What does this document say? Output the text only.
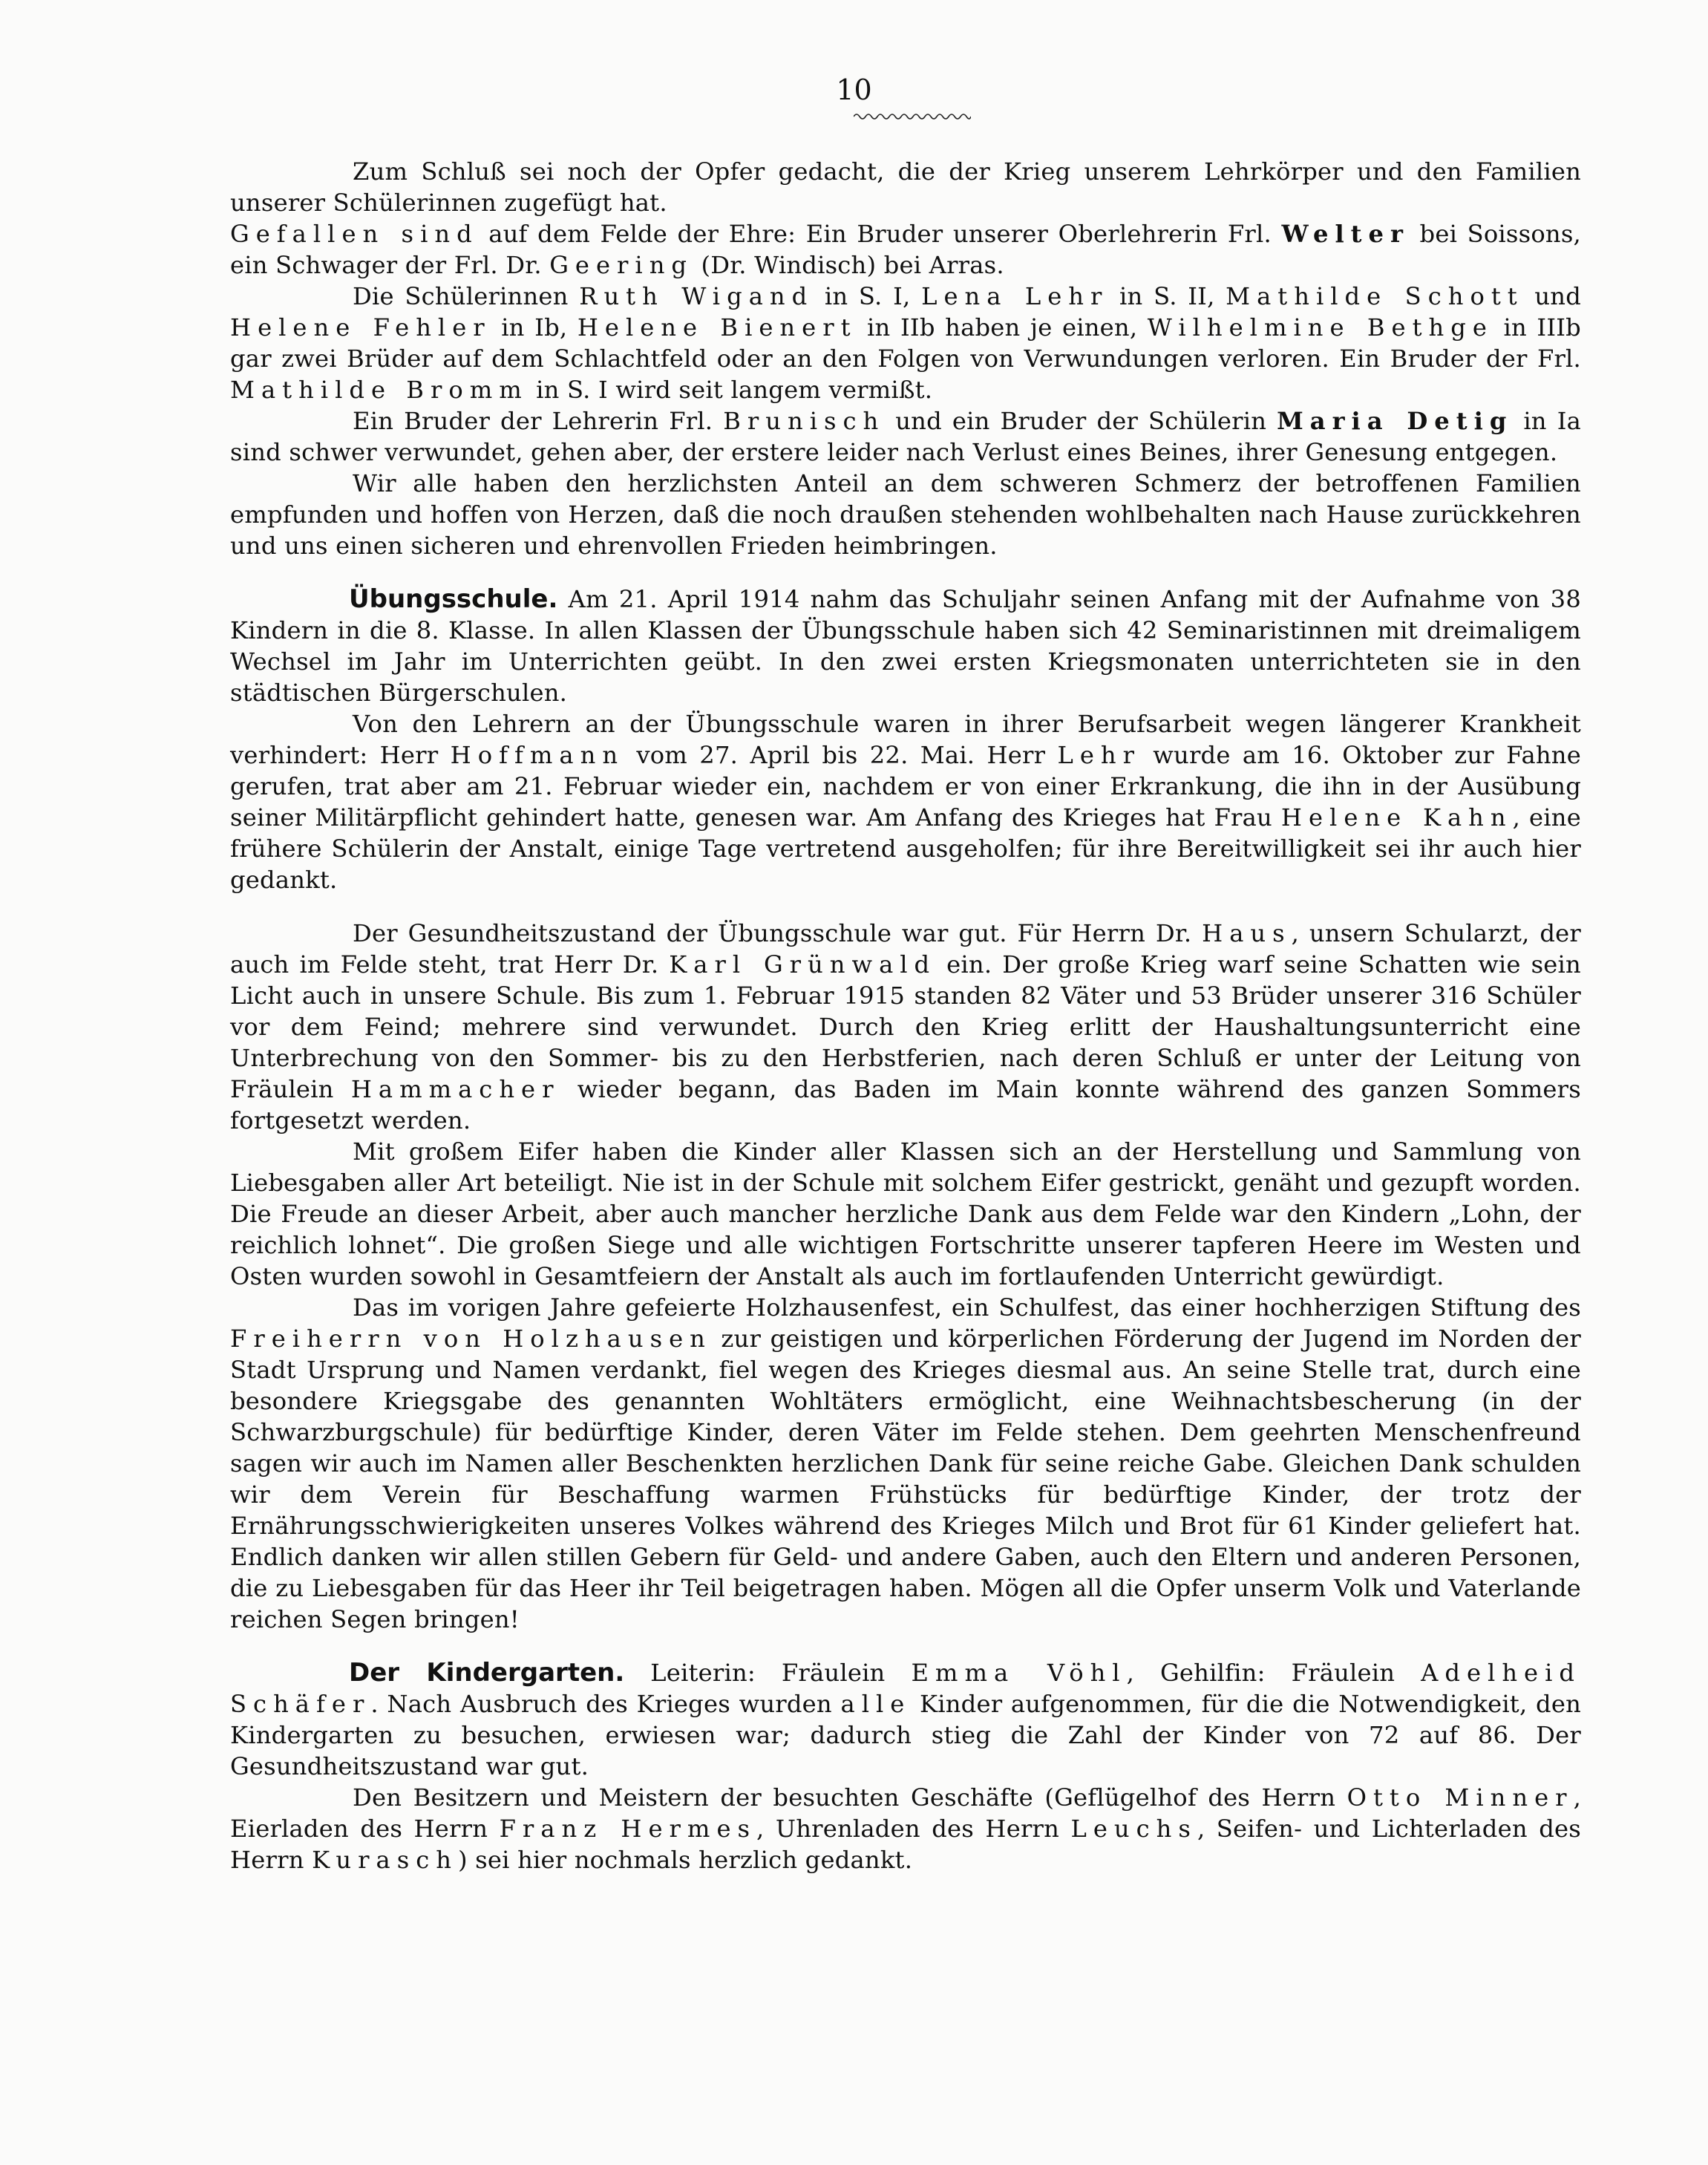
10

Zum Schluß sei noch der Opfer gedacht, die der Krieg unserem Lehrkörper und den Familien unserer Schülerinnen zugefügt hat.

Gefallen sind auf dem Felde der Ehre: Ein Bruder unserer Oberlehrerin Frl. Welter bei Soissons, ein Schwager der Frl. Dr. Geering (Dr. Windisch) bei Arras.

Die Schülerinnen Ruth Wigand in S. I, Lena Lehr in S. II, Mathilde Schott und Helene Fehler in Ib, Helene Bienert in IIb haben je einen, Wilhelmine Bethge in IIIb gar zwei Brüder auf dem Schlachtfeld oder an den Folgen von Verwundungen verloren. Ein Bruder der Frl. Mathilde Bromm in S. I wird seit langem vermißt.

Ein Bruder der Lehrerin Frl. Brunisch und ein Bruder der Schülerin Maria Detig in Ia sind schwer verwundet, gehen aber, der erstere leider nach Verlust eines Beines, ihrer Genesung entgegen.

Wir alle haben den herzlichsten Anteil an dem schweren Schmerz der betroffenen Familien empfunden und hoffen von Herzen, daß die noch draußen stehenden wohlbehalten nach Hause zurückkehren und uns einen sicheren und ehrenvollen Frieden heimbringen.

Übungsschule. Am 21. April 1914 nahm das Schuljahr seinen Anfang mit der Aufnahme von 38 Kindern in die 8. Klasse. In allen Klassen der Übungsschule haben sich 42 Seminaristinnen mit dreimaligem Wechsel im Jahr im Unterrichten geübt. In den zwei ersten Kriegsmonaten unterrichteten sie in den städtischen Bürgerschulen.

Von den Lehrern an der Übungsschule waren in ihrer Berufsarbeit wegen längerer Krankheit verhindert: Herr Hoffmann vom 27. April bis 22. Mai. Herr Lehr wurde am 16. Oktober zur Fahne gerufen, trat aber am 21. Februar wieder ein, nachdem er von einer Erkrankung, die ihn in der Ausübung seiner Militärpflicht gehindert hatte, genesen war. Am Anfang des Krieges hat Frau Helene Kahn, eine frühere Schülerin der Anstalt, einige Tage vertretend ausgeholfen; für ihre Bereitwilligkeit sei ihr auch hier gedankt.

Der Gesundheitszustand der Übungsschule war gut. Für Herrn Dr. Haus, unsern Schularzt, der auch im Felde steht, trat Herr Dr. Karl Grünwald ein. Der große Krieg warf seine Schatten wie sein Licht auch in unsere Schule. Bis zum 1. Februar 1915 standen 82 Väter und 53 Brüder unserer 316 Schüler vor dem Feind; mehrere sind verwundet. Durch den Krieg erlitt der Haushaltungsunterricht eine Unterbrechung von den Sommer- bis zu den Herbstferien, nach deren Schluß er unter der Leitung von Fräulein Hammacher wieder begann, das Baden im Main konnte während des ganzen Sommers fortgesetzt werden.

Mit großem Eifer haben die Kinder aller Klassen sich an der Herstellung und Sammlung von Liebesgaben aller Art beteiligt. Nie ist in der Schule mit solchem Eifer gestrickt, genäht und gezupft worden. Die Freude an dieser Arbeit, aber auch mancher herzliche Dank aus dem Felde war den Kindern „Lohn, der reichlich lohnet“. Die großen Siege und alle wichtigen Fortschritte unserer tapferen Heere im Westen und Osten wurden sowohl in Gesamtfeiern der Anstalt als auch im fortlaufenden Unterricht gewürdigt.

Das im vorigen Jahre gefeierte Holzhausenfest, ein Schulfest, das einer hochherzigen Stiftung des Freiherrn von Holzhausen zur geistigen und körperlichen Förderung der Jugend im Norden der Stadt Ursprung und Namen verdankt, fiel wegen des Krieges diesmal aus. An seine Stelle trat, durch eine besondere Kriegsgabe des genannten Wohltäters ermöglicht, eine Weihnachtsbescherung (in der Schwarzburgschule) für bedürftige Kinder, deren Väter im Felde stehen. Dem geehrten Menschenfreund sagen wir auch im Namen aller Beschenkten herzlichen Dank für seine reiche Gabe. Gleichen Dank schulden wir dem Verein für Beschaffung warmen Frühstücks für bedürftige Kinder, der trotz der Ernährungsschwierigkeiten unseres Volkes während des Krieges Milch und Brot für 61 Kinder geliefert hat. Endlich danken wir allen stillen Gebern für Geld- und andere Gaben, auch den Eltern und anderen Personen, die zu Liebesgaben für das Heer ihr Teil beigetragen haben. Mögen all die Opfer unserm Volk und Vaterlande reichen Segen bringen!

Der Kindergarten. Leiterin: Fräulein Emma Vöhl, Gehilfin: Fräulein Adelheid Schäfer. Nach Ausbruch des Krieges wurden alle Kinder aufgenommen, für die die Notwendigkeit, den Kindergarten zu besuchen, erwiesen war; dadurch stieg die Zahl der Kinder von 72 auf 86. Der Gesundheitszustand war gut.

Den Besitzern und Meistern der besuchten Geschäfte (Geflügelhof des Herrn Otto Minner, Eierladen des Herrn Franz Hermes, Uhrenladen des Herrn Leuchs, Seifen- und Lichterladen des Herrn Kurasch) sei hier nochmals herzlich gedankt.
